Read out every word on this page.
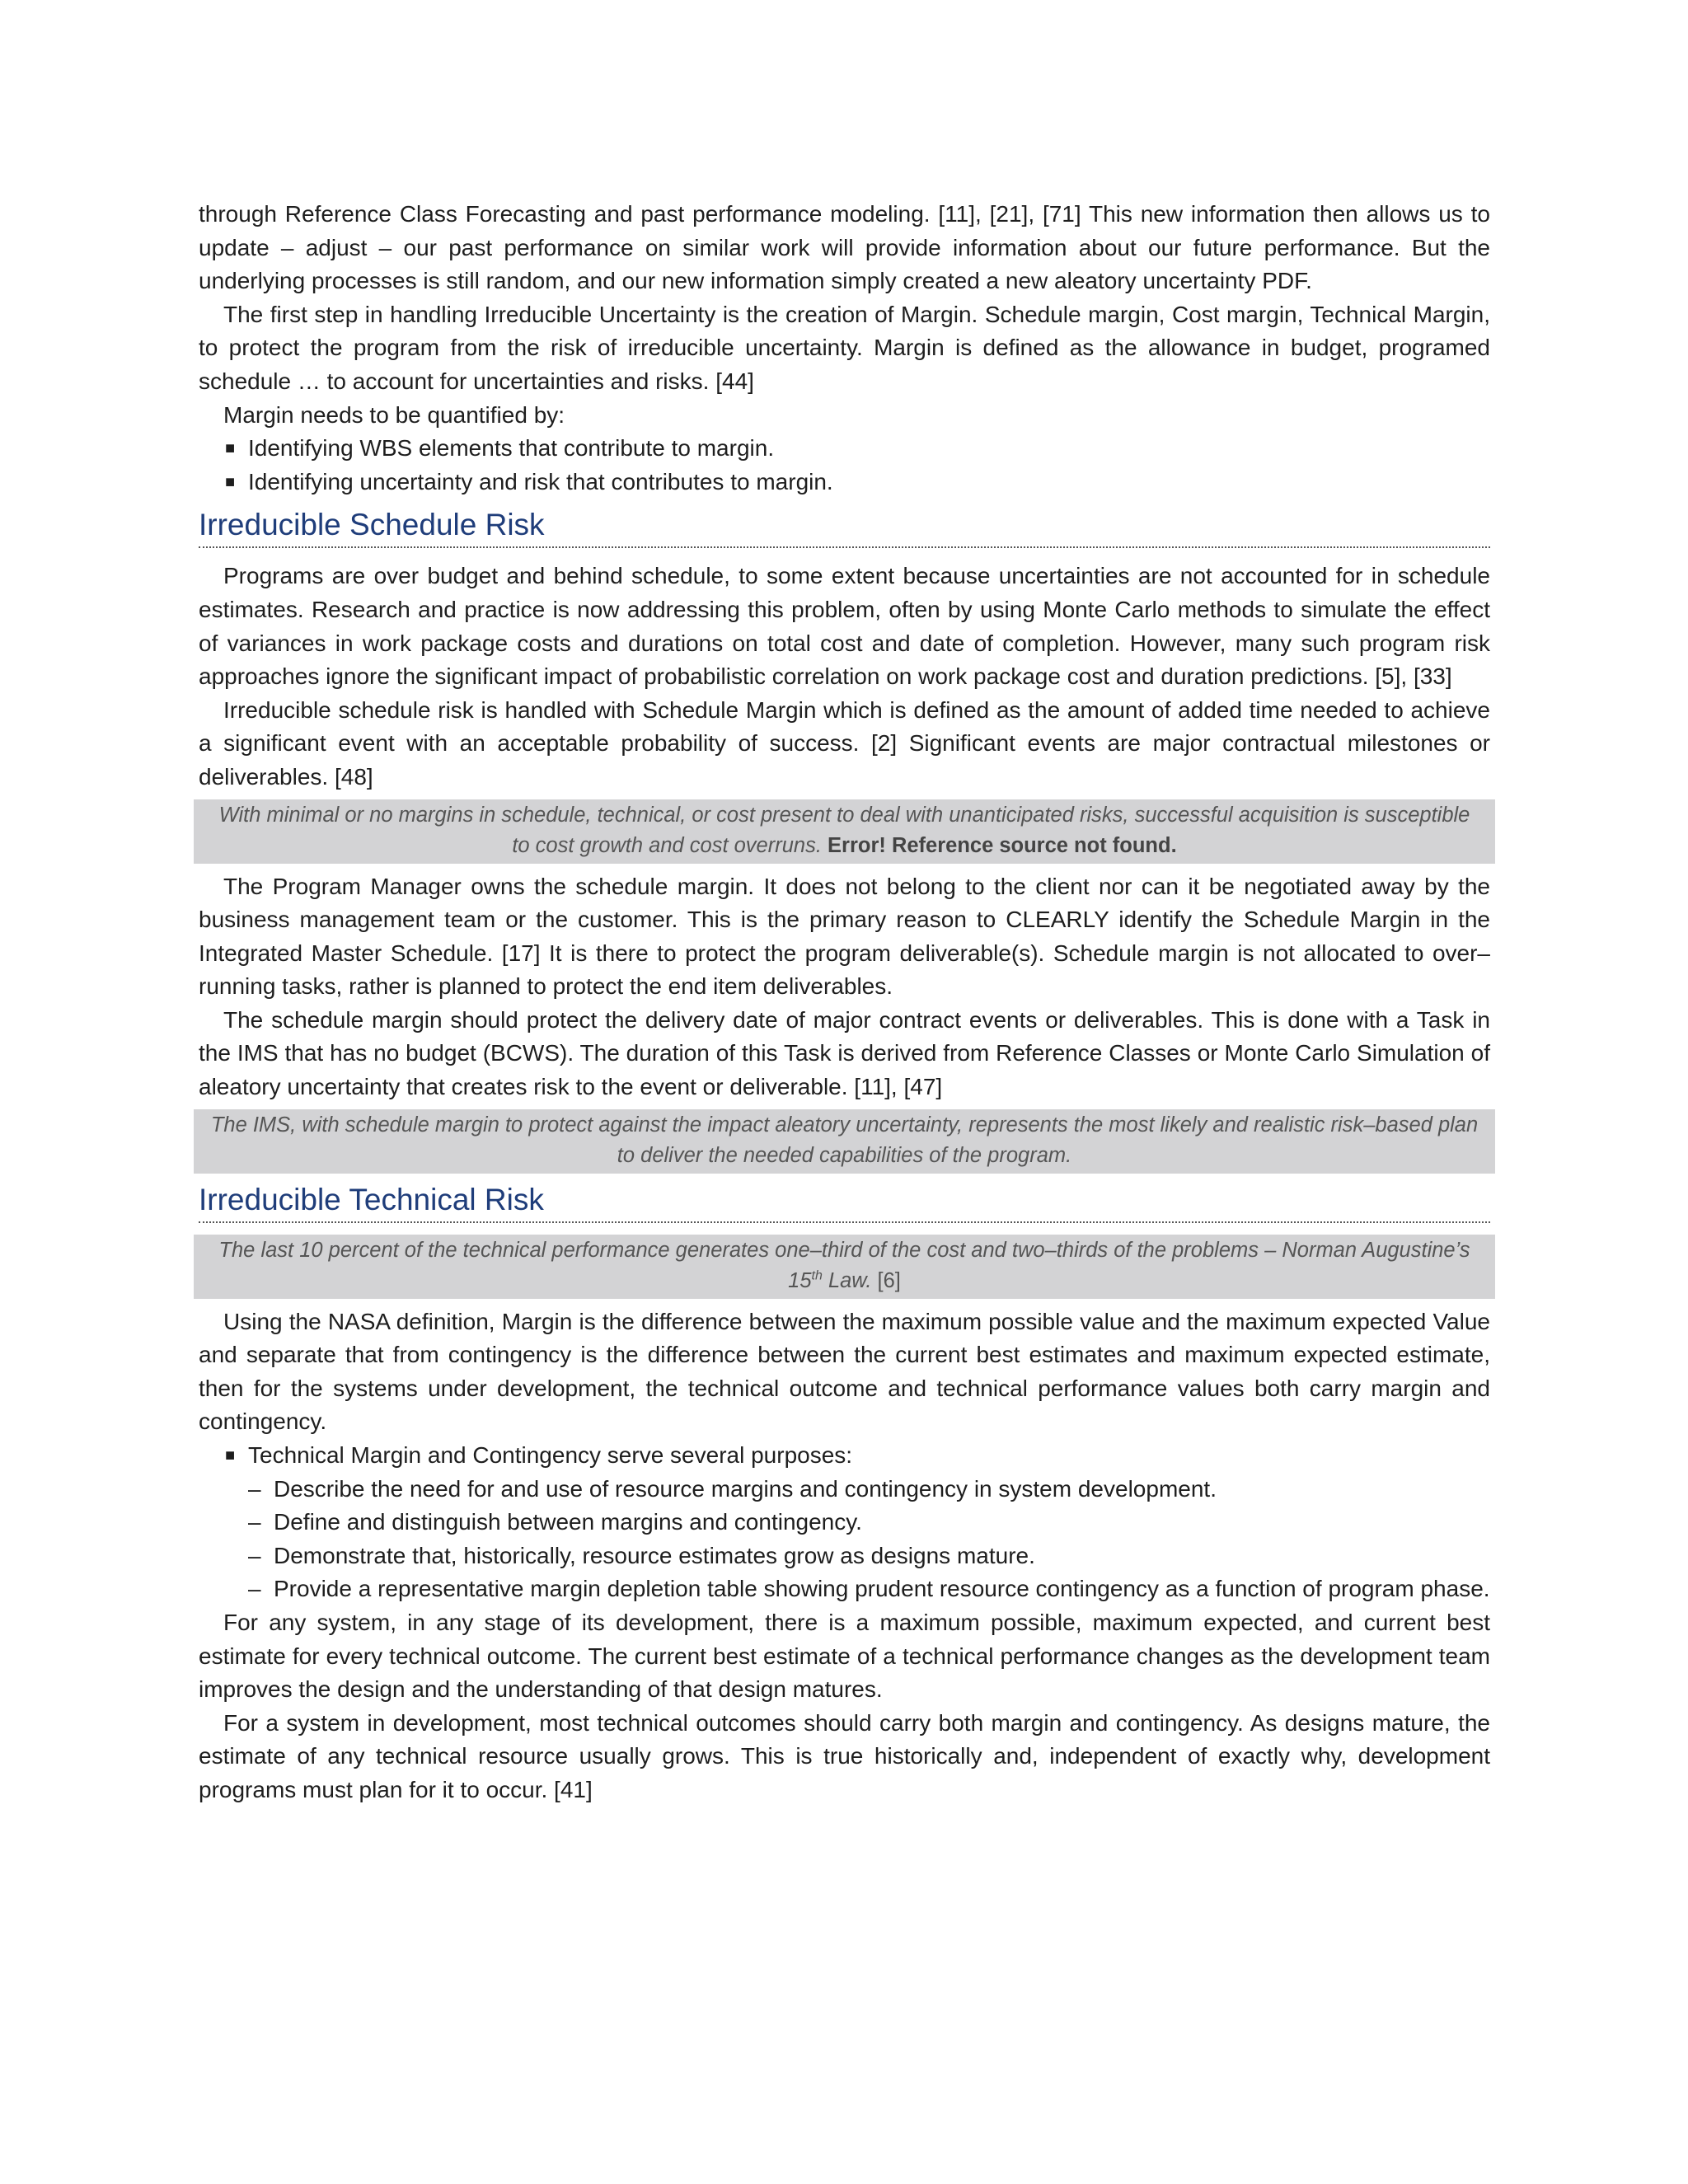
through Reference Class Forecasting and past performance modeling. [11], [21], [71] This new information then allows us to update – adjust – our past performance on similar work will provide information about our future performance. But the underlying processes is still random, and our new information simply created a new aleatory uncertainty PDF.

The first step in handling Irreducible Uncertainty is the creation of Margin. Schedule margin, Cost margin, Technical Margin, to protect the program from the risk of irreducible uncertainty. Margin is defined as the allowance in budget, programed schedule … to account for uncertainties and risks. [44]

Margin needs to be quantified by:

■ Identifying WBS elements that contribute to margin.
■ Identifying uncertainty and risk that contributes to margin.
Irreducible Schedule Risk

Programs are over budget and behind schedule, to some extent because uncertainties are not accounted for in schedule estimates. Research and practice is now addressing this problem, often by using Monte Carlo methods to simulate the effect of variances in work package costs and durations on total cost and date of completion. However, many such program risk approaches ignore the significant impact of probabilistic correlation on work package cost and duration predictions. [5], [33]

Irreducible schedule risk is handled with Schedule Margin which is defined as the amount of added time needed to achieve a significant event with an acceptable probability of success. [2] Significant events are major contractual milestones or deliverables. [48]

With minimal or no margins in schedule, technical, or cost present to deal with unanticipated risks, successful acquisition is susceptible to cost growth and cost overruns. Error! Reference source not found.

The Program Manager owns the schedule margin. It does not belong to the client nor can it be negotiated away by the business management team or the customer. This is the primary reason to CLEARLY identify the Schedule Margin in the Integrated Master Schedule. [17] It is there to protect the program deliverable(s). Schedule margin is not allocated to over–running tasks, rather is planned to protect the end item deliverables.

The schedule margin should protect the delivery date of major contract events or deliverables. This is done with a Task in the IMS that has no budget (BCWS). The duration of this Task is derived from Reference Classes or Monte Carlo Simulation of aleatory uncertainty that creates risk to the event or deliverable. [11], [47]

The IMS, with schedule margin to protect against the impact aleatory uncertainty, represents the most likely and realistic risk–based plan to deliver the needed capabilities of the program.
Irreducible Technical Risk
The last 10 percent of the technical performance generates one–third of the cost and two–thirds of the problems – Norman Augustine’s 15th Law. [6]

Using the NASA definition, Margin is the difference between the maximum possible value and the maximum expected Value and separate that from contingency is the difference between the current best estimates and maximum expected estimate, then for the systems under development, the technical outcome and technical performance values both carry margin and contingency.

■ Technical Margin and Contingency serve several purposes:
– Describe the need for and use of resource margins and contingency in system development.
– Define and distinguish between margins and contingency.
– Demonstrate that, historically, resource estimates grow as designs mature.
– Provide a representative margin depletion table showing prudent resource contingency as a function of program phase.

For any system, in any stage of its development, there is a maximum possible, maximum expected, and current best estimate for every technical outcome. The current best estimate of a technical performance changes as the development team improves the design and the understanding of that design matures.

For a system in development, most technical outcomes should carry both margin and contingency. As designs mature, the estimate of any technical resource usually grows. This is true historically and, independent of exactly why, development programs must plan for it to occur. [41]
